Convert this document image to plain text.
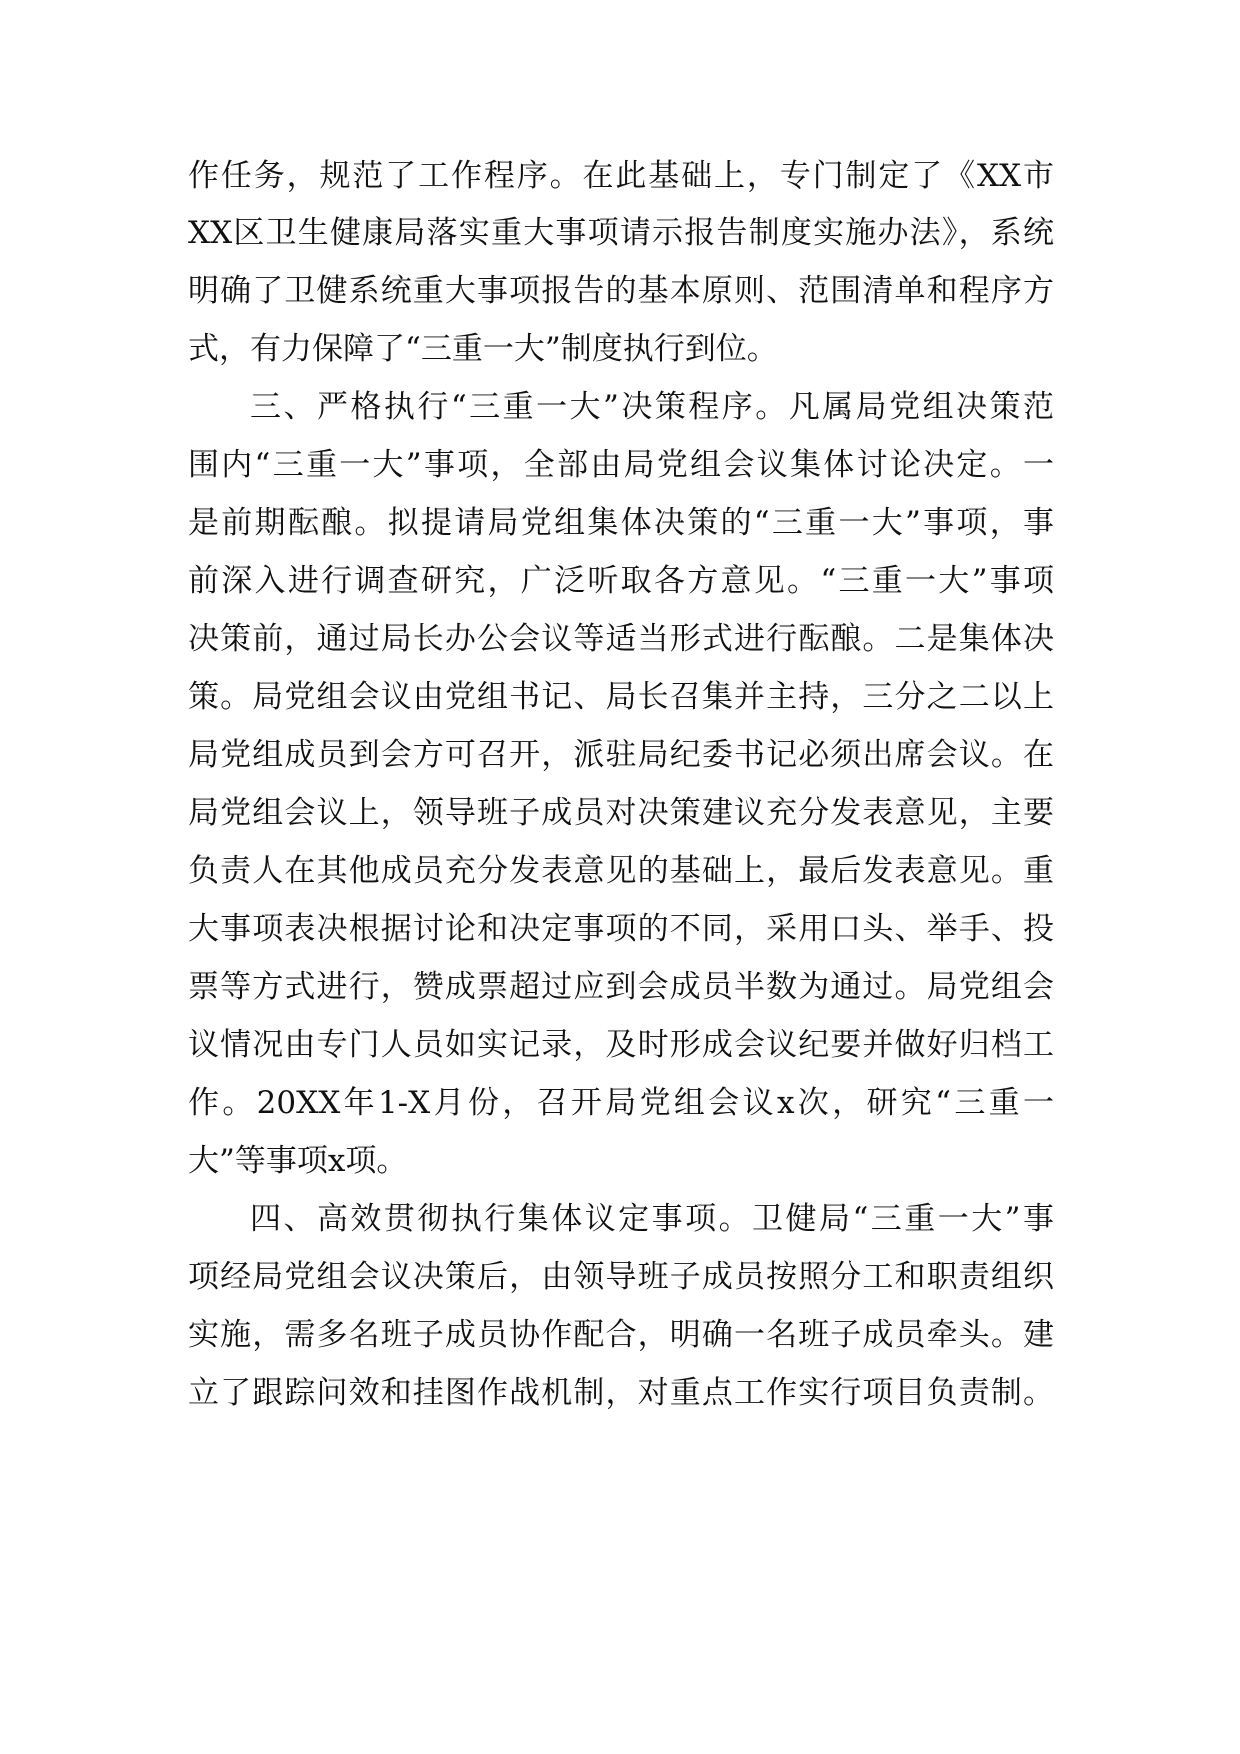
作任务，规范了工作程序。在此基础上，专门制定了《XX市
XX区卫生健康局落实重大事项请示报告制度实施办法》，系统
明确了卫健系统重大事项报告的基本原则、范围清单和程序方
式，有力保障了“三重一大”制度执行到位。
三、严格执行“三重一大”决策程序。凡属局党组决策范
围内“三重一大”事项，全部由局党组会议集体讨论决定。一
是前期酝酿。拟提请局党组集体决策的“三重一大”事项，事
前深入进行调查研究，广泛听取各方意见。“三重一大”事项
决策前，通过局长办公会议等适当形式进行酝酿。二是集体决
策。局党组会议由党组书记、局长召集并主持，三分之二以上
局党组成员到会方可召开，派驻局纪委书记必须出席会议。在
局党组会议上，领导班子成员对决策建议充分发表意见，主要
负责人在其他成员充分发表意见的基础上，最后发表意见。重
大事项表决根据讨论和决定事项的不同，采用口头、举手、投
票等方式进行，赞成票超过应到会成员半数为通过。局党组会
议情况由专门人员如实记录，及时形成会议纪要并做好归档工
作。20XX年1-X月份，召开局党组会议x次，研究“三重一
大”等事项x项。
四、高效贯彻执行集体议定事项。卫健局“三重一大”事
项经局党组会议决策后，由领导班子成员按照分工和职责组织
实施，需多名班子成员协作配合，明确一名班子成员牵头。建
立了跟踪问效和挂图作战机制，对重点工作实行项目负责制。
